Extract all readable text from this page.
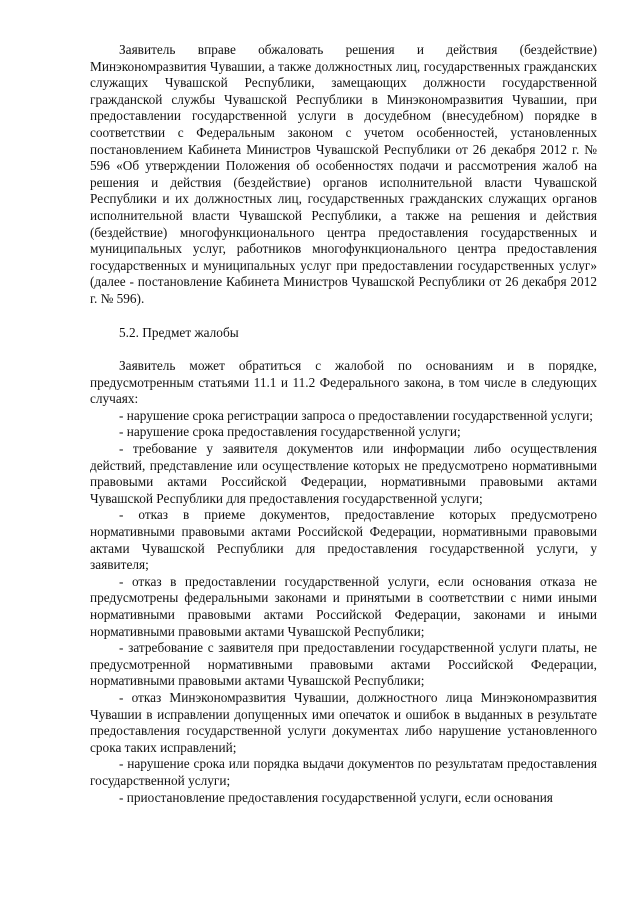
Заявитель вправе обжаловать решения и действия (бездействие) Минэкономразвития Чувашии, а также должностных лиц, государственных гражданских служащих Чувашской Республики, замещающих должности государственной гражданской службы Чувашской Республики в Минэкономразвития Чувашии, при предоставлении государственной услуги в досудебном (внесудебном) порядке в соответствии с Федеральным законом с учетом особенностей, установленных постановлением Кабинета Министров Чувашской Республики от 26 декабря 2012 г. № 596 «Об утверждении Положения об особенностях подачи и рассмотрения жалоб на решения и действия (бездействие) органов исполнительной власти Чувашской Республики и их должностных лиц, государственных гражданских служащих органов исполнительной власти Чувашской Республики, а также на решения и действия (бездействие) многофункционального центра предоставления государственных и муниципальных услуг, работников многофункционального центра предоставления государственных и муниципальных услуг при предоставлении государственных услуг» (далее - постановление Кабинета Министров Чувашской Республики от 26 декабря 2012 г. № 596).

5.2. Предмет жалобы

Заявитель может обратиться с жалобой по основаниям и в порядке, предусмотренным статьями 11.1 и 11.2 Федерального закона, в том числе в следующих случаях:

- нарушение срока регистрации запроса о предоставлении государственной услуги;

- нарушение срока предоставления государственной услуги;

- требование у заявителя документов или информации либо осуществления действий, представление или осуществление которых не предусмотрено нормативными правовыми актами Российской Федерации, нормативными правовыми актами Чувашской Республики для предоставления государственной услуги;

- отказ в приеме документов, предоставление которых предусмотрено нормативными правовыми актами Российской Федерации, нормативными правовыми актами Чувашской Республики для предоставления государственной услуги, у заявителя;

- отказ в предоставлении государственной услуги, если основания отказа не предусмотрены федеральными законами и принятыми в соответствии с ними иными нормативными правовыми актами Российской Федерации, законами и иными нормативными правовыми актами Чувашской Республики;

- затребование с заявителя при предоставлении государственной услуги платы, не предусмотренной нормативными правовыми актами Российской Федерации, нормативными правовыми актами Чувашской Республики;

- отказ Минэкономразвития Чувашии, должностного лица Минэкономразвития Чувашии в исправлении допущенных ими опечаток и ошибок в выданных в результате предоставления государственной услуги документах либо нарушение установленного срока таких исправлений;

- нарушение срока или порядка выдачи документов по результатам предоставления государственной услуги;

- приостановление предоставления государственной услуги, если основания
